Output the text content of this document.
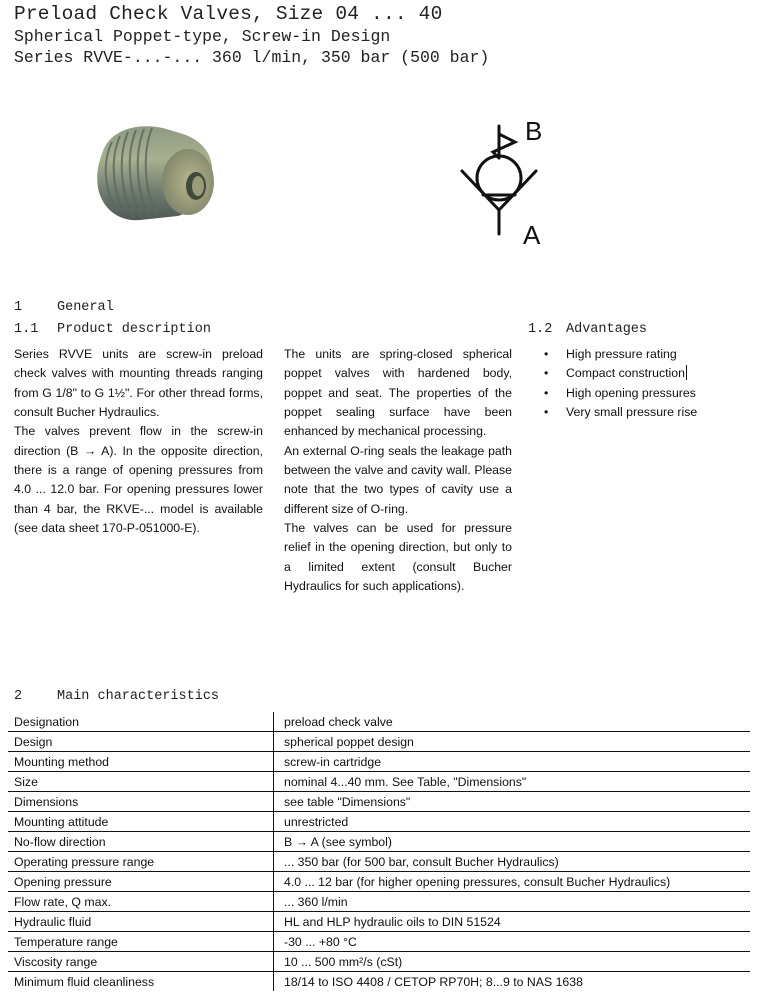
Preload Check Valves, Size 04 ... 40
Spherical Poppet-type, Screw-in Design
Series RVVE-...-... 360 l/min, 350 bar (500 bar)
B
A
1	General
1.1 Product description	1.2 Advantages

Series RVVE units are screw-in preload check valves with mounting threads ranging from G 1/8" to G 1½". For other thread forms, consult Bucher Hydraulics.

The valves prevent flow in the screw-in direction (B → A). In the opposite direction, there is a range of opening pressures from 4.0 ... 12.0 bar. For opening pressures lower than 4 bar, the RKVE-... model is available (see data sheet 170-P-051000-E).

The units are spring-closed spherical poppet valves with hardened body, poppet and seat. The properties of the poppet sealing surface have been enhanced by mechanical processing.

An external O-ring seals the leakage path between the valve and cavity wall. Please note that the two types of cavity use a different size of O-ring.

The valves can be used for pressure relief in the opening direction, but only to a limited extent (consult Bucher Hydraulics for such applications).

• High pressure rating
• Compact construction
• High opening pressures
• Very small pressure rise
2	Main characteristics
Designation	preload check valve
Design	spherical poppet design
Mounting method	screw-in cartridge
Size	nominal 4...40 mm. See Table, "Dimensions"
Dimensions	see table "Dimensions"
Mounting attitude	unrestricted
No-flow direction	B → A (see symbol)
Operating pressure range	... 350 bar (for 500 bar, consult Bucher Hydraulics)
Opening pressure	4.0 ... 12 bar (for higher opening pressures, consult Bucher Hydraulics)
Flow rate, Q max.	... 360 l/min
Hydraulic fluid	HL and HLP hydraulic oils to DIN 51524
Temperature range	-30 ... +80 °C
Viscosity range	10 ... 500 mm²/s (cSt)
Minimum fluid cleanliness	18/14 to ISO 4408 / CETOP RP70H; 8...9 to NAS 1638
